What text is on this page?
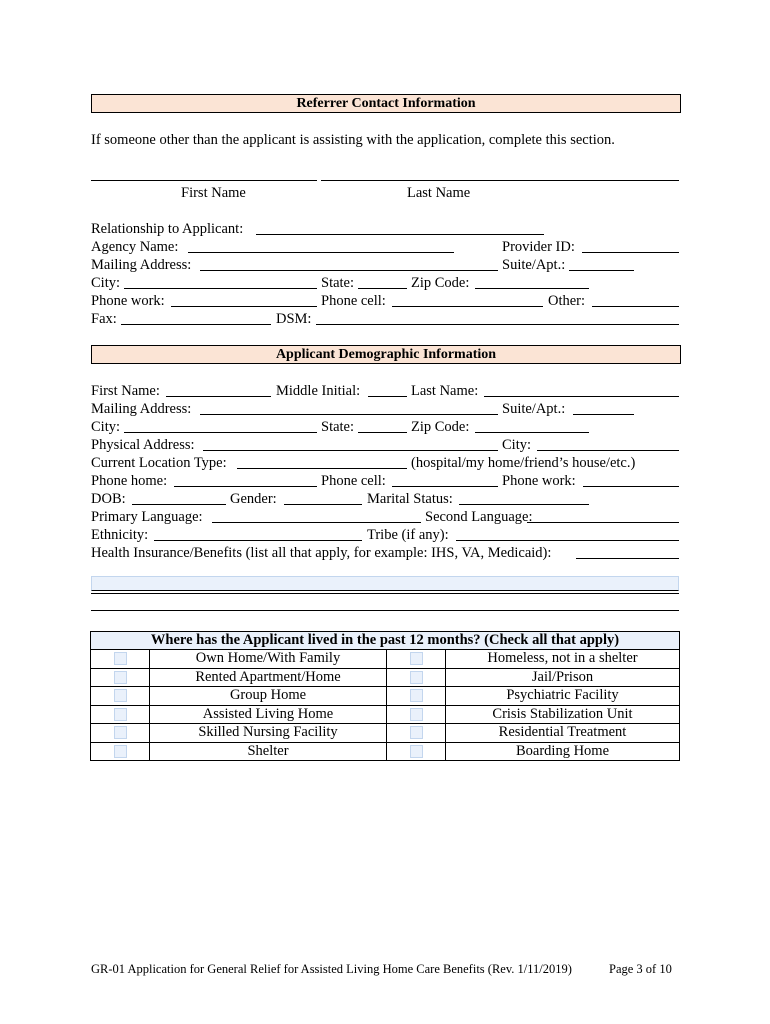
Referrer Contact Information
If someone other than the applicant is assisting with the application, complete this section.
First Name	Last Name
Relationship to Applicant:
Agency Name:	Provider ID:
Mailing Address:	Suite/Apt.:
City:	State:	Zip Code:
Phone work:	Phone cell:	Other:
Fax:	DSM:
Applicant Demographic Information
First Name:	Middle Initial:	Last Name:
Mailing Address:	Suite/Apt.:
City:	State:	Zip Code:
Physical Address:	City:
Current Location Type:	(hospital/my home/friend’s house/etc.)
Phone home:	Phone cell:	Phone work:
DOB:	Gender:	Marital Status:
Primary Language:	Second Language:
Ethnicity:	Tribe (if any):
Health Insurance/Benefits (list all that apply, for example: IHS, VA, Medicaid):
Where has the Applicant lived in the past 12 months? (Check all that apply)			
	Own Home/With Family		Homeless, not in a shelter
	Rented Apartment/Home		Jail/Prison
	Group Home		Psychiatric Facility
	Assisted Living Home		Crisis Stabilization Unit
	Skilled Nursing Facility		Residential Treatment
	Shelter		Boarding Home
GR-01 Application for General Relief for Assisted Living Home Care Benefits (Rev. 1/11/2019)	Page 3 of 10
